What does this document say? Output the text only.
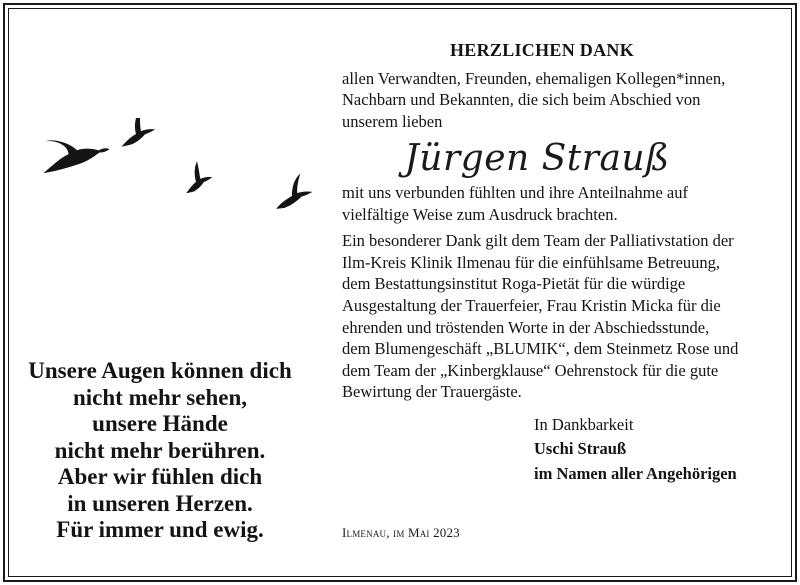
Unsere Augen können dich
nicht mehr sehen,
unsere Hände
nicht mehr berühren.
Aber wir fühlen dich
in unseren Herzen.
Für immer und ewig.
HERZLICHEN DANK
allen Verwandten, Freunden, ehemaligen Kollegen*innen,
Nachbarn und Bekannten, die sich beim Abschied von
unserem lieben
Jürgen Strauß
mit uns verbunden fühlten und ihre Anteilnahme auf
vielfältige Weise zum Ausdruck brachten.
Ein besonderer Dank gilt dem Team der Palliativstation der
Ilm-Kreis Klinik Ilmenau für die einfühlsame Betreuung,
dem Bestattungsinstitut Roga-Pietät für die würdige
Ausgestaltung der Trauerfeier, Frau Kristin Micka für die
ehrenden und tröstenden Worte in der Abschiedsstunde,
dem Blumengeschäft „BLUMIK“, dem Steinmetz Rose und
dem Team der „Kinbergklause“ Oehrenstock für die gute
Bewirtung der Trauergäste.
In Dankbarkeit
Uschi Strauß
im Namen aller Angehörigen
Ilmenau, im Mai 2023
